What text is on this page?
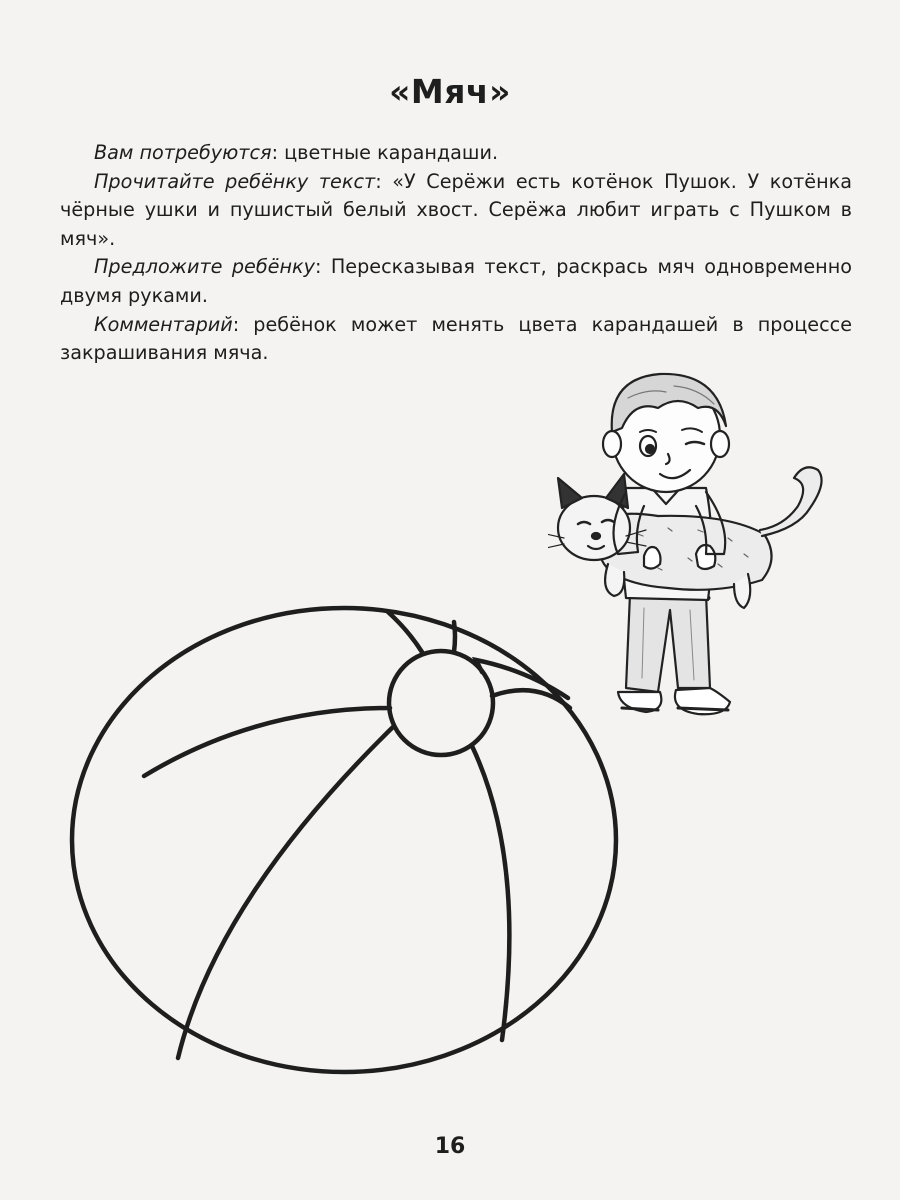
«Мяч»

Вам потребуются: цветные карандаши.

Прочитайте ребёнку текст: «У Серёжи есть котёнок Пушок. У котёнка чёрные ушки и пушистый белый хвост. Серёжа любит играть с Пушком в мяч».

Предложите ребёнку: Пересказывая текст, раскрась мяч одновременно двумя руками.

Комментарий: ребёнок может менять цвета карандашей в процессе закрашивания мяча.

16
